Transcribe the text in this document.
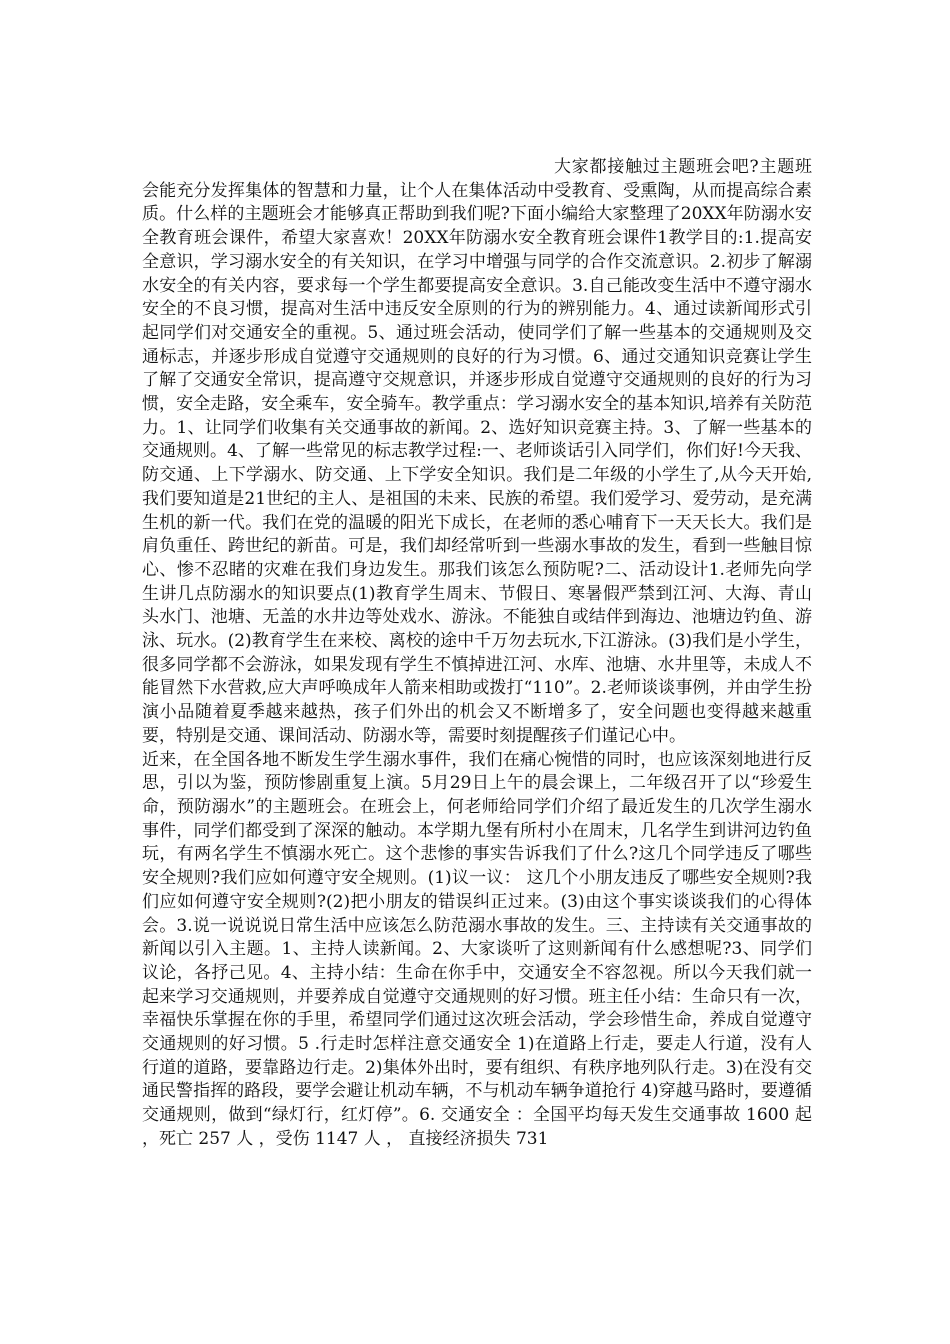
大家都接触过主题班会吧?主题班会能充分发挥集体的智慧和力量，让个人在集体活动中受教育、受熏陶，从而提高综合素质。什么样的主题班会才能够真正帮助到我们呢?下面小编给大家整理了20XX年防溺水安全教育班会课件，希望大家喜欢！20XX年防溺水安全教育班会课件1教学目的:1.提高安全意识，学习溺水安全的有关知识，在学习中增强与同学的合作交流意识。2.初步了解溺水安全的有关内容，要求每一个学生都要提高安全意识。3.自己能改变生活中不遵守溺水安全的不良习惯，提高对生活中违反安全原则的行为的辨别能力。4、通过读新闻形式引起同学们对交通安全的重视。5、通过班会活动，使同学们了解一些基本的交通规则及交通标志，并逐步形成自觉遵守交通规则的良好的行为习惯。6、通过交通知识竞赛让学生了解了交通安全常识，提高遵守交规意识，并逐步形成自觉遵守交通规则的良好的行为习惯，安全走路，安全乘车，安全骑车。教学重点：学习溺水安全的基本知识,培养有关防范力。1、让同学们收集有关交通事故的新闻。2、选好知识竞赛主持。3、了解一些基本的交通规则。4、了解一些常见的标志教学过程:一、老师谈话引入同学们，你们好!今天我、防交通、上下学溺水、防交通、上下学安全知识。我们是二年级的小学生了,从今天开始,我们要知道是21世纪的主人、是祖国的未来、民族的希望。我们爱学习、爱劳动，是充满生机的新一代。我们在党的温暖的阳光下成长，在老师的悉心哺育下一天天长大。我们是肩负重任、跨世纪的新苗。可是，我们却经常听到一些溺水事故的发生，看到一些触目惊心、惨不忍睹的灾难在我们身边发生。那我们该怎么预防呢?二、活动设计1.老师先向学生讲几点防溺水的知识要点(1)教育学生周末、节假日、寒暑假严禁到江河、大海、青山头水门、池塘、无盖的水井边等处戏水、游泳。不能独自或结伴到海边、池塘边钓鱼、游泳、玩水。(2)教育学生在来校、离校的途中千万勿去玩水,下江游泳。(3)我们是小学生，很多同学都不会游泳，如果发现有学生不慎掉进江河、水库、池塘、水井里等，未成人不能冒然下水营救,应大声呼唤成年人箭来相助或拨打“110”。2.老师谈谈事例，并由学生扮演小品随着夏季越来越热，孩子们外出的机会又不断增多了，安全问题也变得越来越重要，特别是交通、课间活动、防溺水等，需要时刻提醒孩子们谨记心中。

近来，在全国各地不断发生学生溺水事件，我们在痛心惋惜的同时，也应该深刻地进行反思，引以为鉴，预防惨剧重复上演。5月29日上午的晨会课上，二年级召开了以“珍爱生命，预防溺水”的主题班会。在班会上，何老师给同学们介绍了最近发生的几次学生溺水事件，同学们都受到了深深的触动。本学期九堡有所村小在周末，几名学生到讲河边钓鱼玩，有两名学生不慎溺水死亡。这个悲惨的事实告诉我们了什么?这几个同学违反了哪些安全规则?我们应如何遵守安全规则。(1)议一议： 这几个小朋友违反了哪些安全规则?我们应如何遵守安全规则?(2)把小朋友的错误纠正过来。(3)由这个事实谈谈我们的心得体会。3.说一说说说日常生活中应该怎么防范溺水事故的发生。三、主持读有关交通事故的新闻以引入主题。1、主持人读新闻。2、大家谈听了这则新闻有什么感想呢?3、同学们议论，各抒己见。4、主持小结：生命在你手中，交通安全不容忽视。所以今天我们就一起来学习交通规则，并要养成自觉遵守交通规则的好习惯。班主任小结：生命只有一次，幸福快乐掌握在你的手里，希望同学们通过这次班会活动，学会珍惜生命，养成自觉遵守交通规则的好习惯。5 .行走时怎样注意交通安全 1)在道路上行走，要走人行道，没有人行道的道路，要靠路边行走。2)集体外出时，要有组织、有秩序地列队行走。3)在没有交通民警指挥的路段，要学会避让机动车辆，不与机动车辆争道抢行 4)穿越马路时，要遵循交通规则，做到“绿灯行，红灯停”。6. 交通安全 ：全国平均每天发生交通事故 1600 起 ，死亡 257 人 ，受伤 1147 人 ， 直接经济损失 731
